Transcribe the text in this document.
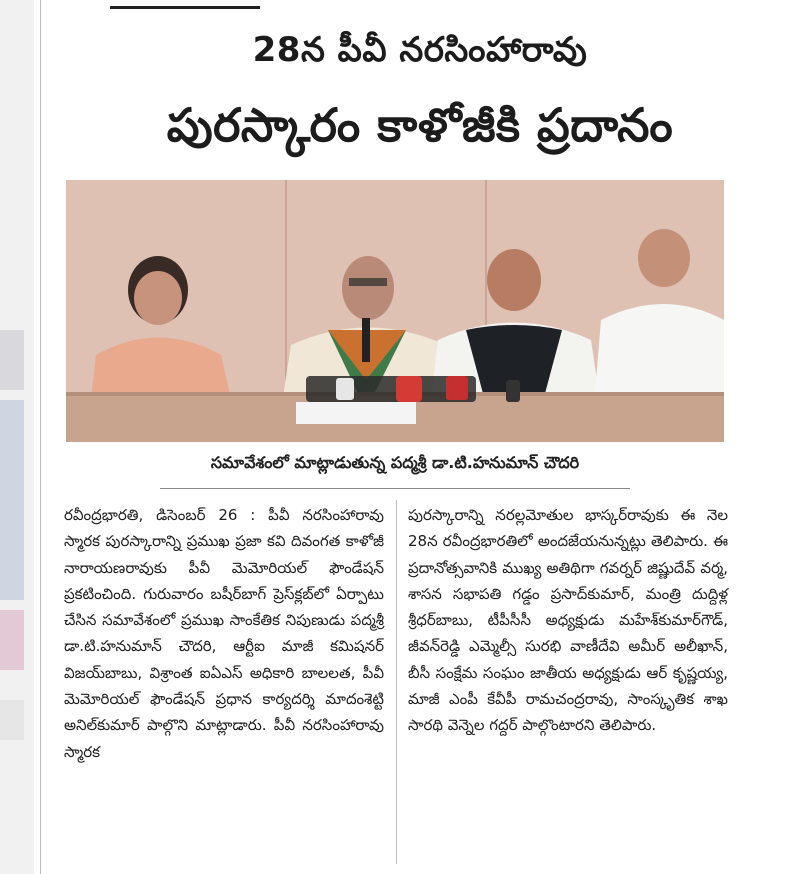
28న పీవీ నరసింహారావు
పురస్కారం కాళోజీకి ప్రదానం
సమావేశంలో మాట్లాడుతున్న పద్మశ్రీ డా.టి.హనుమాన్ చౌదరి

రవీంద్రభారతి, డిసెంబర్ 26 : పీవీ నరసింహారావు స్మారక పురస్కారాన్ని ప్రముఖ ప్రజా కవి దివంగత కాళోజీ నారాయణరావుకు పీవీ మెమోరియల్ ఫౌండేషన్ ప్రకటించింది. గురువారం బషీర్‌బాగ్ ప్రెస్‌క్లబ్‌లో ఏర్పాటు చేసిన సమావేశంలో ప్రముఖ సాంకేతిక నిపుణుడు పద్మశ్రీ డా.టి.హనుమాన్ చౌదరి, ఆర్టీఐ మాజీ కమిషనర్ విజయ్‌బాబు, విశ్రాంత ఐఏఎస్ అధికారి బాలలత, పీవీ మెమోరియల్ ఫౌండేషన్ ప్రధాన కార్యదర్శి మాదంశెట్టి అనిల్‌కుమార్ పాల్గొని మాట్లాడారు. పీవీ నరసింహారావు స్మారక

పురస్కారాన్ని నరల్లమోతుల భాస్కర్‌రావుకు ఈ నెల 28న రవీంద్రభారతిలో అందజేయనున్నట్లు తెలిపారు. ఈ ప్రదానోత్సవానికి ముఖ్య అతిథిగా గవర్నర్ జిష్ణుదేవ్ వర్మ, శాసన సభాపతి గడ్డం ప్రసాద్‌కుమార్, మంత్రి దుద్దిళ్ల శ్రీధర్‌బాబు, టీపీసీసీ అధ్యక్షుడు మహేశ్‌కుమార్‌గౌడ్, జీవన్‌రెడ్డి ఎమ్మెల్సీ సురభి వాణీదేవి అమీర్ అలీఖాన్, బీసీ సంక్షేమ సంఘం జాతీయ అధ్యక్షుడు ఆర్ కృష్ణయ్య, మాజీ ఎంపీ కేవీపీ రామచంద్రరావు, సాంస్కృతిక శాఖ సారథి వెన్నెల గద్దర్ పాల్గొంటారని తెలిపారు.
